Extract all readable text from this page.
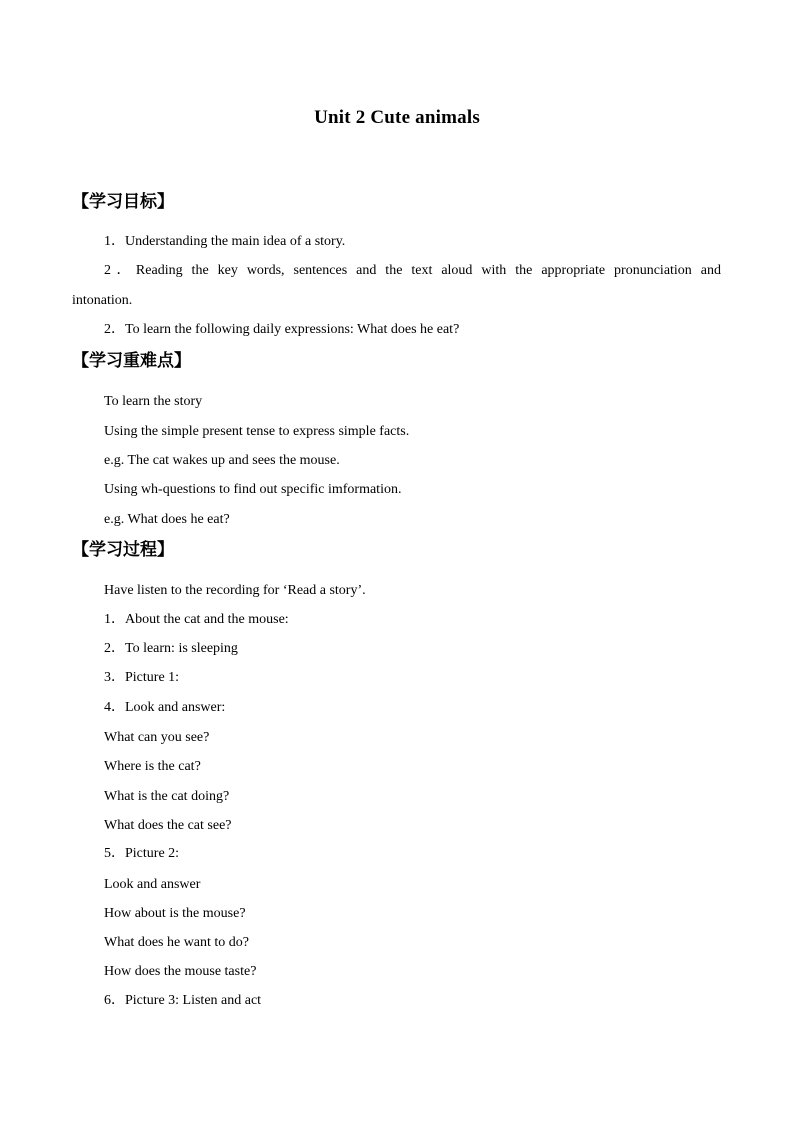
Unit 2 Cute animals
【学习目标】
1．Understanding the main idea of a story.
2．Reading the key words, sentences and the text aloud with the appropriate pronunciation and
intonation.
2．To learn the following daily expressions: What does he eat?
【学习重难点】
To learn the story
Using the simple present tense to express simple facts.
e.g. The cat wakes up and sees the mouse.
Using wh-questions to find out specific imformation.
e.g. What does he eat?
【学习过程】
Have listen to the recording for ‘Read a story’.
1．About the cat and the mouse:
2．To learn: is sleeping
3．Picture 1:
4．Look and answer:
What can you see?
Where is the cat?
What is the cat doing?
What does the cat see?
5．Picture 2:
Look and answer
How about is the mouse?
What does he want to do?
How does the mouse taste?
6．Picture 3: Listen and act
